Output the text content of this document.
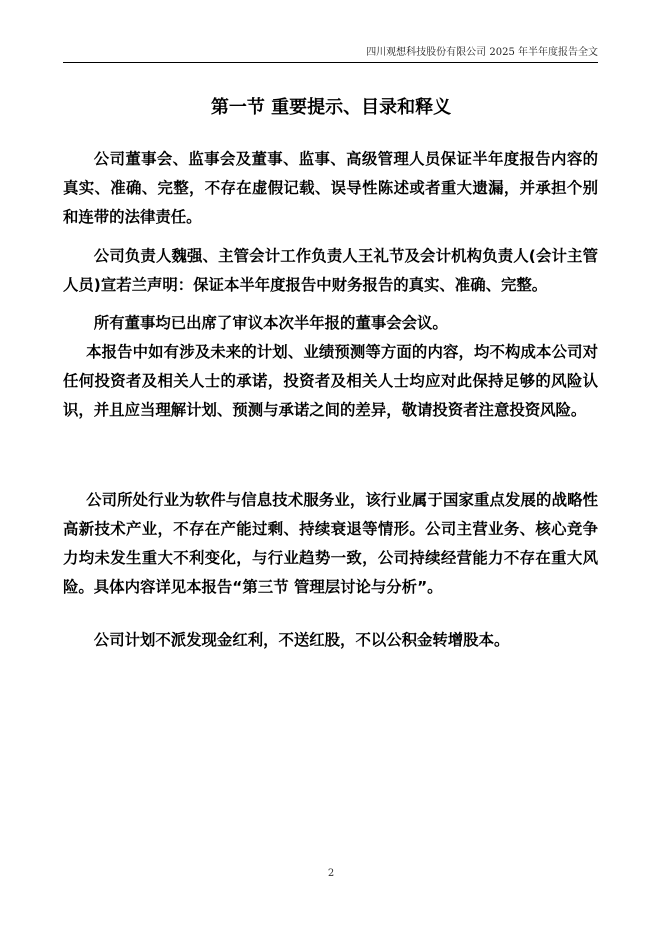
四川观想科技股份有限公司 2025 年半年度报告全文
第一节 重要提示、目录和释义

公司董事会、监事会及董事、监事、高级管理人员保证半年度报告内容的真实、准确、完整，不存在虚假记载、误导性陈述或者重大遗漏，并承担个别和连带的法律责任。

公司负责人魏强、主管会计工作负责人王礼节及会计机构负责人(会计主管人员)宣若兰声明：保证本半年度报告中财务报告的真实、准确、完整。

所有董事均已出席了审议本次半年报的董事会会议。

本报告中如有涉及未来的计划、业绩预测等方面的内容，均不构成本公司对任何投资者及相关人士的承诺，投资者及相关人士均应对此保持足够的风险认识，并且应当理解计划、预测与承诺之间的差异，敬请投资者注意投资风险。

公司所处行业为软件与信息技术服务业，该行业属于国家重点发展的战略性高新技术产业，不存在产能过剩、持续衰退等情形。公司主营业务、核心竞争力均未发生重大不利变化，与行业趋势一致，公司持续经营能力不存在重大风险。具体内容详见本报告“第三节 管理层讨论与分析”。

公司计划不派发现金红利，不送红股，不以公积金转增股本。

2
